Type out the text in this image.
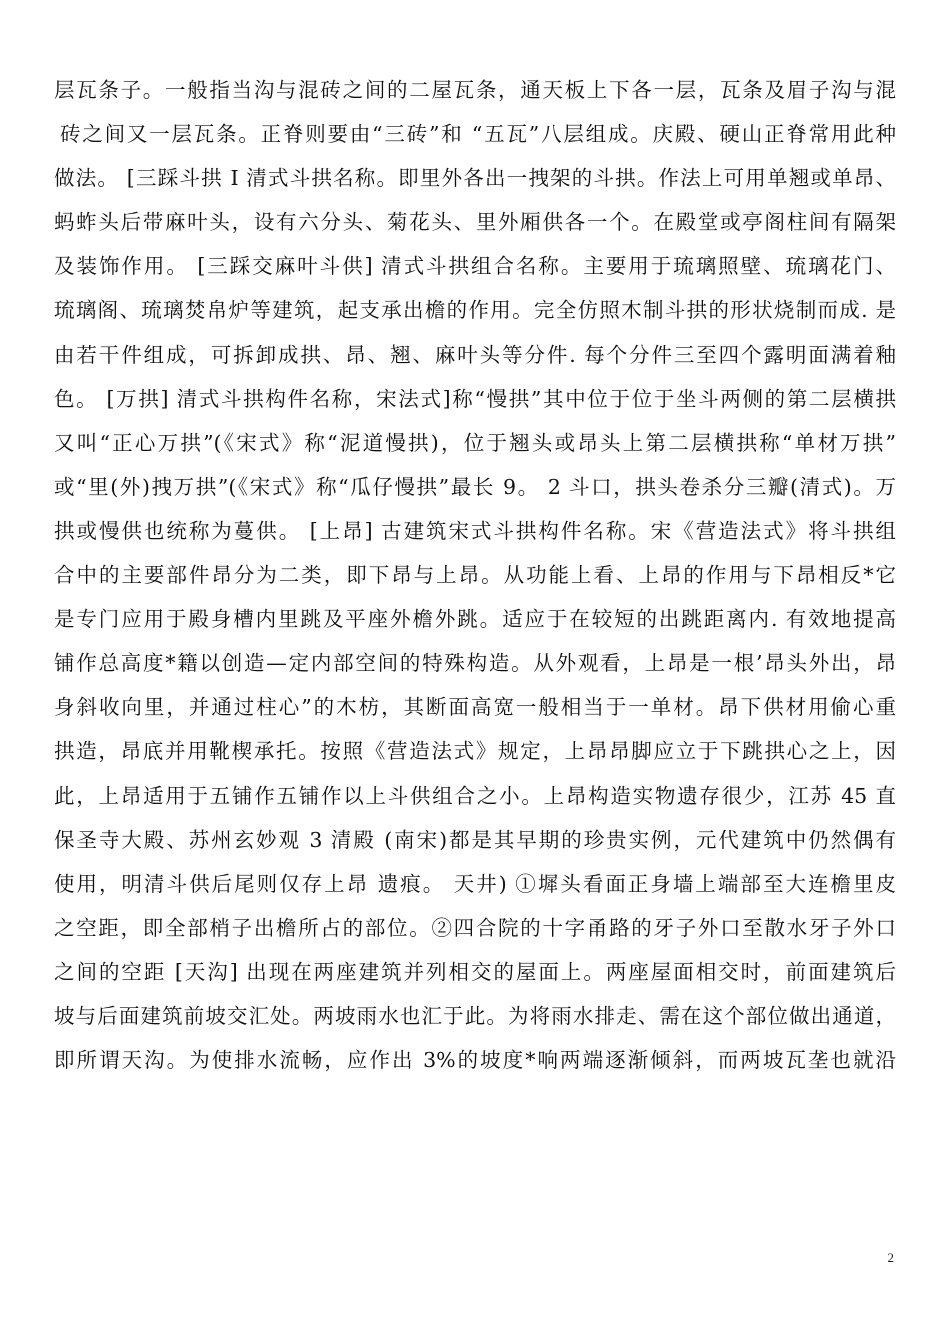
层瓦条子。一般指当沟与混砖之间的二屋瓦条，通天板上下各一层，瓦条及眉子沟与混
砖之间又一层瓦条。正脊则要由“三砖”和 “五瓦”八层组成。庆殿、硬山正脊常用此种
做法。 [三踩斗拱 I 清式斗拱名称。即里外各出一拽架的斗拱。作法上可用单翘或单昂、
蚂蚱头后带麻叶头，设有六分头、菊花头、里外厢供各一个。在殿堂或亭阁柱间有隔架
及装饰作用。 [三踩交麻叶斗供] 清式斗拱组合名称。主要用于琉璃照壁、琉璃花门、
琉璃阁、琉璃焚帛炉等建筑，起支承出檐的作用。完全仿照木制斗拱的形状烧制而成. 是
由若干件组成，可拆卸成拱、昂、翘、麻叶头等分件. 每个分件三至四个露明面满着釉
色。 [万拱] 清式斗拱构件名称，宋法式]称“慢拱”其中位于位于坐斗两侧的第二层横拱
又叫“正心万拱”(《宋式》称“泥道慢拱)，位于翘头或昂头上第二层横拱称“单材万拱”
或“里(外)拽万拱”(《宋式》称“瓜仔慢拱”最长 9。 2 斗口，拱头卷杀分三瓣(清式)。万
拱或慢供也统称为蔓供。 [上昂] 古建筑宋式斗拱构件名称。宋《营造法式》将斗拱组
合中的主要部件昂分为二类，即下昂与上昂。从功能上看、上昂的作用与下昂相反*它
是专门应用于殿身槽内里跳及平座外檐外跳。适应于在较短的出跳距离内. 有效地提高
铺作总高度*籍以创造—定内部空间的特殊构造。从外观看，上昂是一根’昂头外出，昂
身斜收向里，并通过柱心”的木枋，其断面高宽一般相当于一单材。昂下供材用偷心重
拱造，昂底并用靴楔承托。按照《营造法式》规定，上昂昂脚应立于下跳拱心之上，因
此，上昂适用于五铺作五铺作以上斗供组合之小。上昂构造实物遗存很少，江苏 45 直
保圣寺大殿、苏州玄妙观 3 清殿 (南宋)都是其早期的珍贵实例，元代建筑中仍然偶有
使用，明清斗供后尾则仅存上昂 遗痕。 天井) ①墀头看面正身墙上端部至大连檐里皮
之空距，即全部梢子出檐所占的部位。②四合院的十字甬路的牙子外口至散水牙子外口
之间的空距 [天沟] 出现在两座建筑并列相交的屋面上。两座屋面相交时，前面建筑后
坡与后面建筑前坡交汇处。两坡雨水也汇于此。为将雨水排走、需在这个部位做出通道，
即所谓天沟。为使排水流畅，应作出 3%的坡度*响两端逐渐倾斜，而两坡瓦垄也就沿
2
